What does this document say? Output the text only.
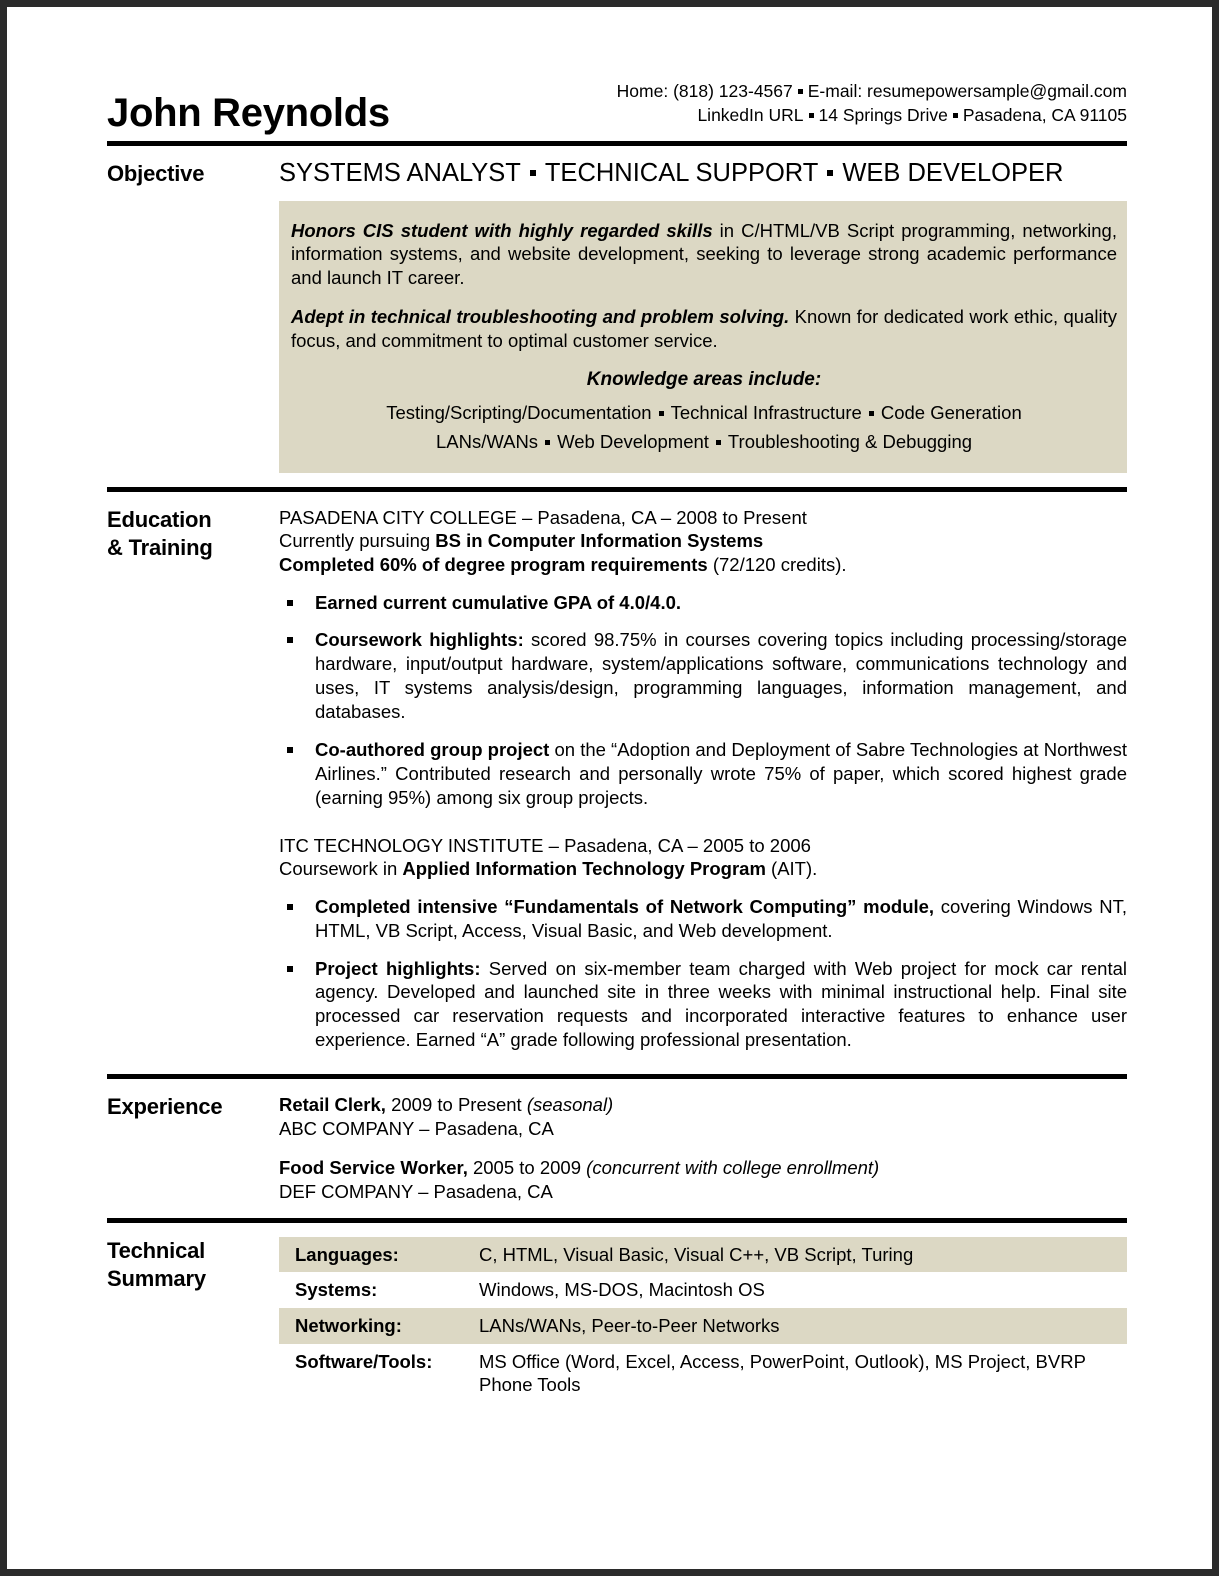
John Reynolds
Home: (818) 123-4567 E-mail: resumepowersample@gmail.com
LinkedIn URL 14 Springs Drive Pasadena, CA 91105
Objective	SYSTEMS ANALYST TECHNICAL SUPPORT WEB DEVELOPER

Honors CIS student with highly regarded skills in C/HTML/VB Script programming, networking, information systems, and website development, seeking to leverage strong academic performance and launch IT career.

Adept in technical troubleshooting and problem solving. Known for dedicated work ethic, quality focus, and commitment to optimal customer service.

Knowledge areas include:

Testing/Scripting/Documentation Technical Infrastructure Code Generation

LANs/WANs Web Development Troubleshooting & Debugging

Education
& Training

PASADENA CITY COLLEGE – Pasadena, CA – 2008 to Present

Currently pursuing BS in Computer Information Systems

Completed 60% of degree program requirements (72/120 credits).

Earned current cumulative GPA of 4.0/4.0.
Coursework highlights: scored 98.75% in courses covering topics including processing/storage hardware, input/output hardware, system/applications software, communications technology and uses, IT systems analysis/design, programming languages, information management, and databases.
Co-authored group project on the “Adoption and Deployment of Sabre Technologies at Northwest Airlines.” Contributed research and personally wrote 75% of paper, which scored highest grade (earning 95%) among six group projects.

ITC TECHNOLOGY INSTITUTE – Pasadena, CA – 2005 to 2006

Coursework in Applied Information Technology Program (AIT).

Completed intensive “Fundamentals of Network Computing” module, covering Windows NT, HTML, VB Script, Access, Visual Basic, and Web development.
Project highlights: Served on six-member team charged with Web project for mock car rental agency. Developed and launched site in three weeks with minimal instructional help. Final site processed car reservation requests and incorporated interactive features to enhance user experience. Earned “A” grade following professional presentation.
Experience	Retail Clerk, 2009 to Present (seasonal)

ABC COMPANY – Pasadena, CA

Food Service Worker, 2005 to 2009 (concurrent with college enrollment)

DEF COMPANY – Pasadena, CA

Technical
Summary
Languages:	C, HTML, Visual Basic, Visual C++, VB Script, Turing
Systems:	Windows, MS-DOS, Macintosh OS
Networking:	LANs/WANs, Peer-to-Peer Networks
Software/Tools:	MS Office (Word, Excel, Access, PowerPoint, Outlook), MS Project, BVRP Phone Tools
